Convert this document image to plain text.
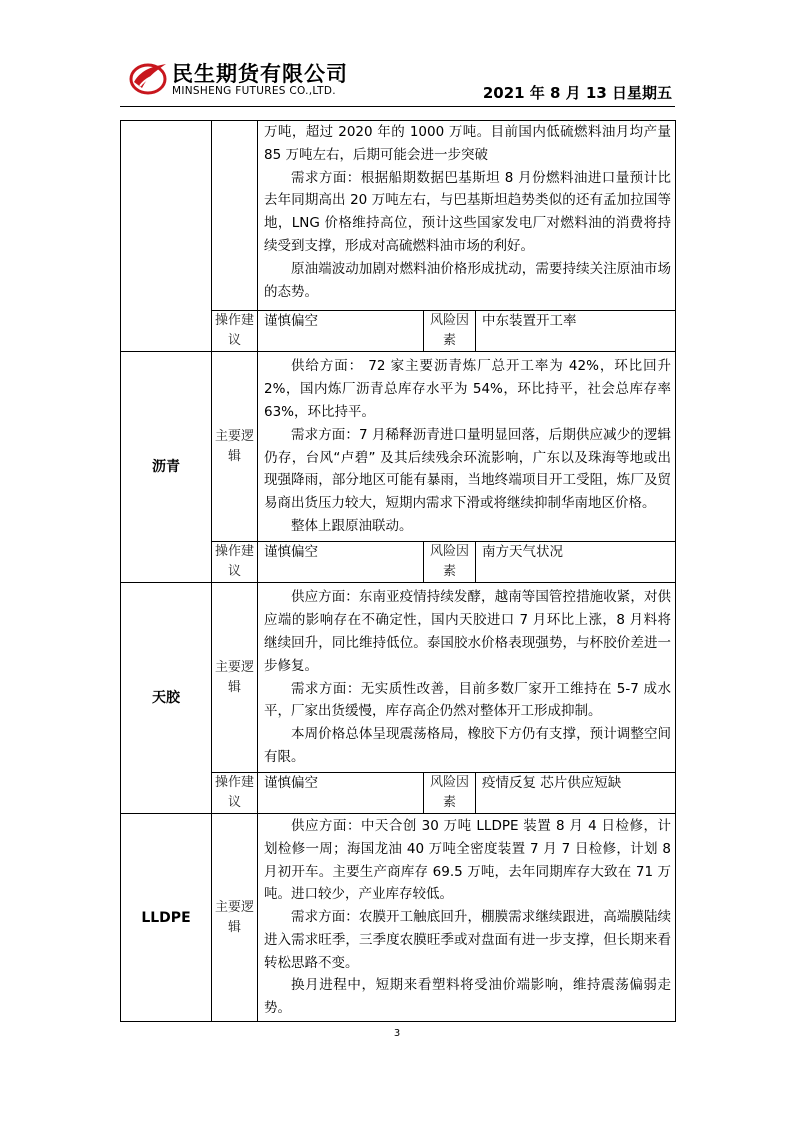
民生期货有限公司
MINSHENG FUTURES CO.,LTD.	2021 年 8 月 13 日星期五

		万吨，超过 2020 年的 1000 万吨。目前国内低硫燃料油月均产量 85 万吨左右，后期可能会进一步突破

需求方面：根据船期数据巴基斯坦 8 月份燃料油进口量预计比去年同期高出 20 万吨左右，与巴基斯坦趋势类似的还有孟加拉国等地，LNG 价格维持高位，预计这些国家发电厂对燃料油的消费将持续受到支撑，形成对高硫燃料油市场的利好。

原油端波动加剧对燃料油价格形成扰动，需要持续关注原油市场的态势。		

	操作建议	谨慎偏空	风险因素	中东装置开工率
沥青	主要逻辑	供给方面： 72 家主要沥青炼厂总开工率为 42%，环比回升 2%，国内炼厂沥青总库存水平为 54%，环比持平，社会总库存率 63%，环比持平。

需求方面：7 月稀释沥青进口量明显回落，后期供应减少的逻辑仍存，台风“卢碧” 及其后续残余环流影响，广东以及珠海等地或出现强降雨，部分地区可能有暴雨，当地终端项目开工受阻，炼厂及贸易商出货压力较大，短期内需求下滑或将继续抑制华南地区价格。

整体上跟原油联动。		

	操作建议	谨慎偏空	风险因素	南方天气状况
天胶	主要逻辑	供应方面：东南亚疫情持续发酵，越南等国管控措施收紧，对供应端的影响存在不确定性，国内天胶进口 7 月环比上涨，8 月料将继续回升，同比维持低位。泰国胶水价格表现强势，与杯胶价差进一步修复。

需求方面：无实质性改善，目前多数厂家开工维持在 5-7 成水平，厂家出货缓慢，库存高企仍然对整体开工形成抑制。

本周价格总体呈现震荡格局，橡胶下方仍有支撑，预计调整空间有限。		

	操作建议	谨慎偏空	风险因素	疫情反复 芯片供应短缺
LLDPE	主要逻辑	供应方面：中天合创 30 万吨 LLDPE 装置 8 月 4 日检修，计划检修一周；海国龙油 40 万吨全密度装置 7 月 7 日检修，计划 8 月初开车。主要生产商库存 69.5 万吨，去年同期库存大致在 71 万吨。进口较少，产业库存较低。

需求方面：农膜开工触底回升，棚膜需求继续跟进，高端膜陆续进入需求旺季，三季度农膜旺季或对盘面有进一步支撑，但长期来看转松思路不变。

换月进程中，短期来看塑料将受油价端影响，维持震荡偏弱走势。		

3
